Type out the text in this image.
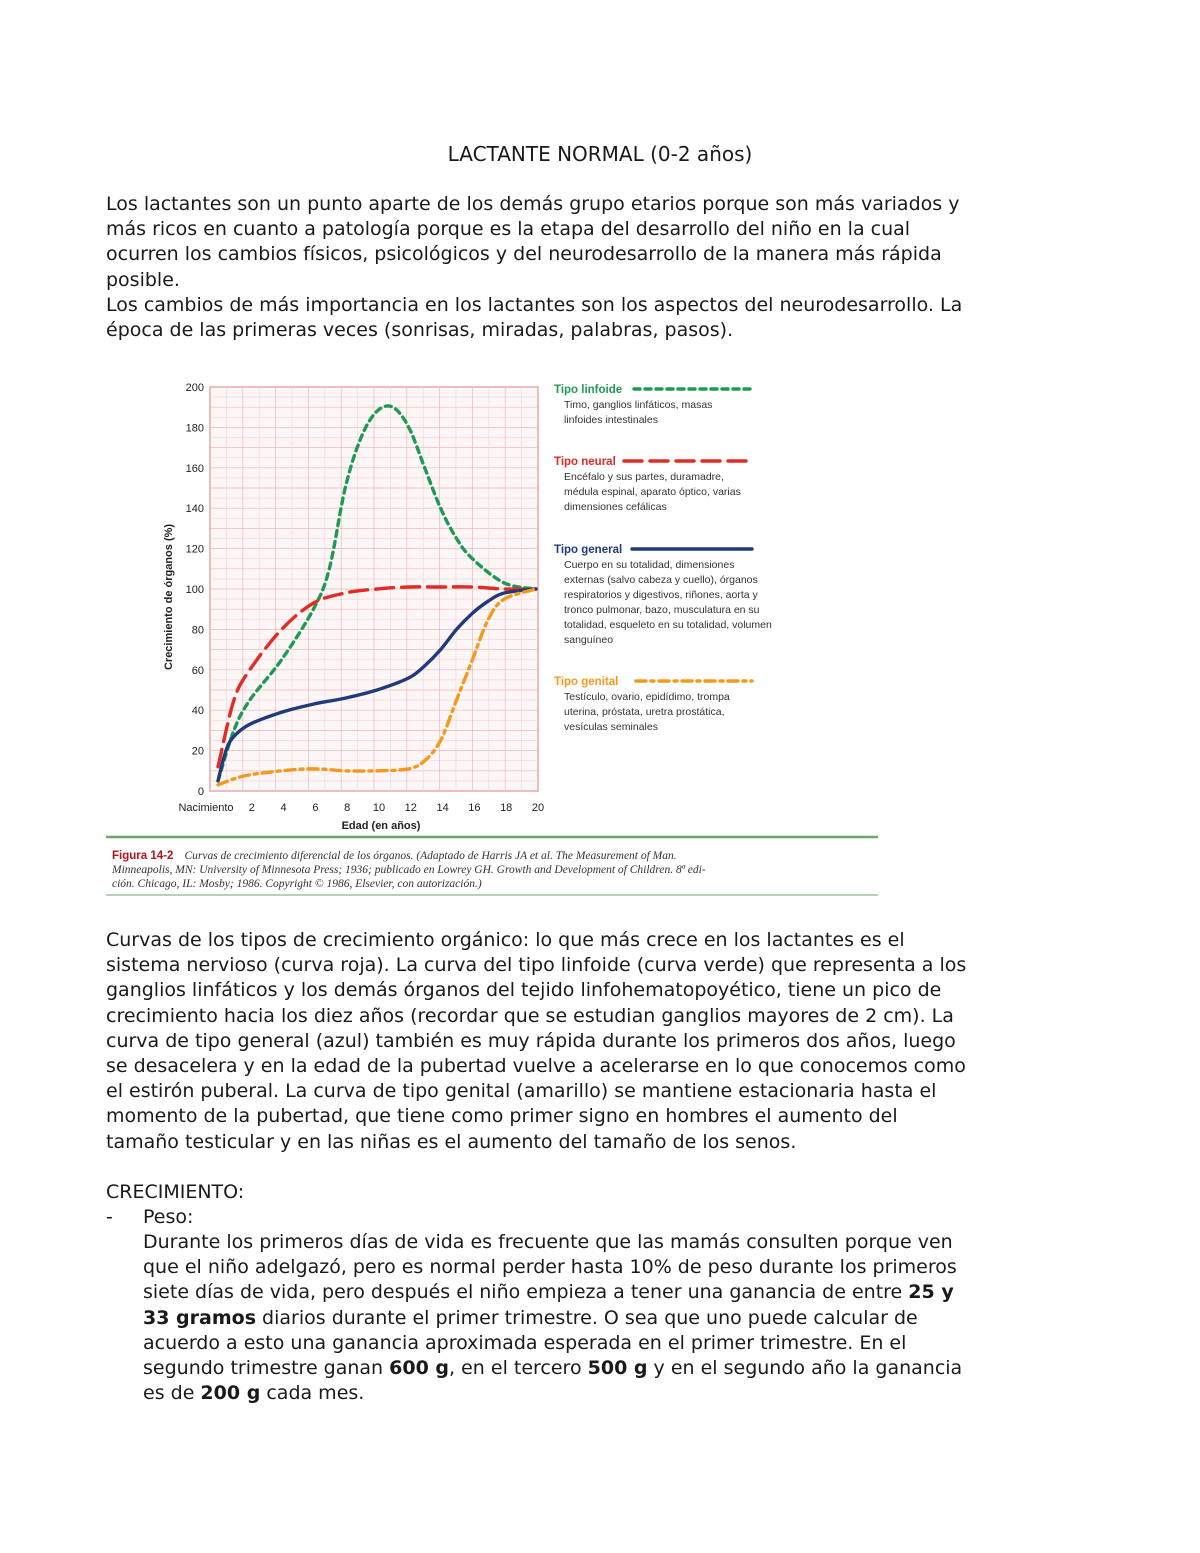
LACTANTE NORMAL (0-2 años)

Los lactantes son un punto aparte de los demás grupo etarios porque son más variados y
más ricos en cuanto a patología porque es la etapa del desarrollo del niño en la cual
ocurren los cambios físicos, psicológicos y del neurodesarrollo de la manera más rápida
posible.

Los cambios de más importancia en los lactantes son los aspectos del neurodesarrollo. La
época de las primeras veces (sonrisas, miradas, palabras, pasos).

0
20
40
60
80
100
120
140
160
180
200
Nacimiento 2 4 6 8 10 12 14 16 18 20
Crecimiento de órganos (%)
Edad (en años)
Tipo linfoide
Timo, ganglios linfáticos, masas
linfoides intestinales
Tipo neural
Encéfalo y sus partes, duramadre,
médula espinal, aparato óptico, varias
dimensiones cefálicas
Tipo general
Cuerpo en su totalidad, dimensiones
externas (salvo cabeza y cuello), órganos
respiratorios y digestivos, riñones, aorta y
tronco pulmonar, bazo, musculatura en su
totalidad, esqueleto en su totalidad, volumen
sanguíneo
Tipo genital
Testículo, ovario, epidídimo, trompa
uterina, próstata, uretra prostática,
vesículas seminales
Figura 14-2 Curvas de crecimiento diferencial de los órganos. (Adaptado de Harris JA et al. The Measurement of Man.
Minneapolis, MN: University of Minnesota Press; 1936; publicado en Lowrey GH. Growth and Development of Children. 8ª edi-
ción. Chicago, IL: Mosby; 1986. Copyright © 1986, Elsevier, con autorización.)

Curvas de los tipos de crecimiento orgánico: lo que más crece en los lactantes es el
sistema nervioso (curva roja). La curva del tipo linfoide (curva verde) que representa a los
ganglios linfáticos y los demás órganos del tejido linfohematopoyético, tiene un pico de
crecimiento hacia los diez años (recordar que se estudian ganglios mayores de 2 cm). La
curva de tipo general (azul) también es muy rápida durante los primeros dos años, luego
se desacelera y en la edad de la pubertad vuelve a acelerarse en lo que conocemos como
el estirón puberal. La curva de tipo genital (amarillo) se mantiene estacionaria hasta el
momento de la pubertad, que tiene como primer signo en hombres el aumento del
tamaño testicular y en las niñas es el aumento del tamaño de los senos.

CRECIMIENTO:
- Peso:

Durante los primeros días de vida es frecuente que las mamás consulten porque ven
que el niño adelgazó, pero es normal perder hasta 10% de peso durante los primeros
siete días de vida, pero después el niño empieza a tener una ganancia de entre 25 y
33 gramos diarios durante el primer trimestre. O sea que uno puede calcular de
acuerdo a esto una ganancia aproximada esperada en el primer trimestre. En el
segundo trimestre ganan 600 g, en el tercero 500 g y en el segundo año la ganancia
es de 200 g cada mes.
